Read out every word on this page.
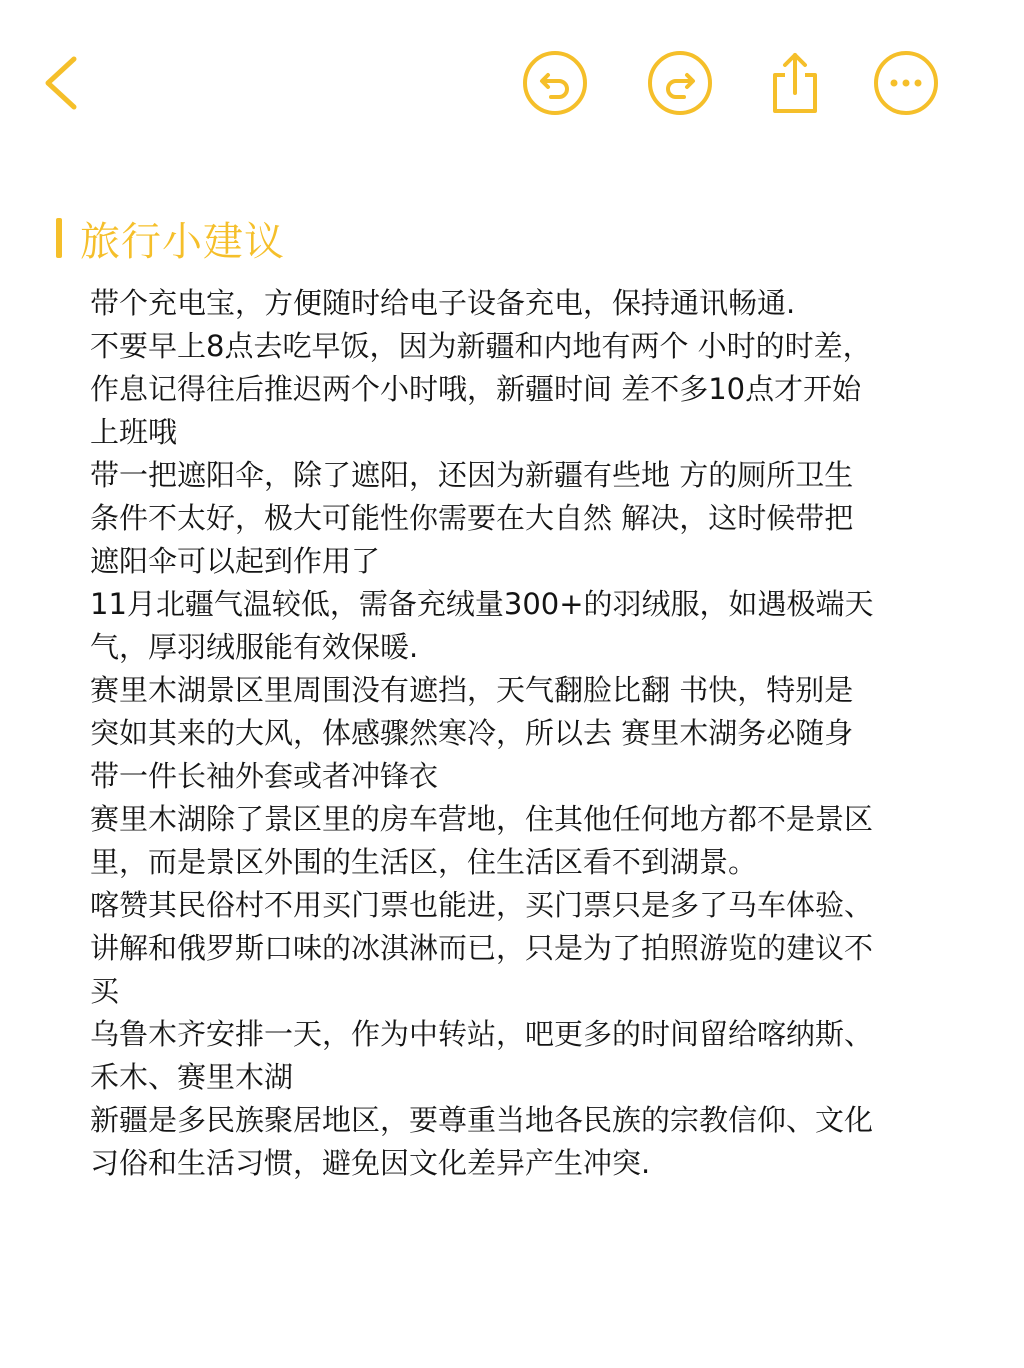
旅行小建议

带个充电宝，方便随时给电子设备充电，保持通讯畅通.

不要早上8点去吃早饭，因为新疆和内地有两个 小时的时差，作息记得往后推迟两个小时哦，新疆时间 差不多10点才开始上班哦

带一把遮阳伞，除了遮阳，还因为新疆有些地 方的厕所卫生条件不太好，极大可能性你需要在大自然 解决，这时候带把遮阳伞可以起到作用了

11月北疆气温较低，需备充绒量300+的羽绒服，如遇极端天气，厚羽绒服能有效保暖.

赛里木湖景区里周围没有遮挡，天气翻脸比翻 书快，特别是突如其来的大风，体感骤然寒冷，所以去 赛里木湖务必随身带一件长袖外套或者冲锋衣

赛里木湖除了景区里的房车营地，住其他任何地方都不是景区里，而是景区外围的生活区，住生活区看不到湖景。

喀赞其民俗村不用买门票也能进，买门票只是多了马车体验、讲解和俄罗斯口味的冰淇淋而已，只是为了拍照游览的建议不买

乌鲁木齐安排一天，作为中转站，吧更多的时间留给喀纳斯、禾木、赛里木湖

新疆是多民族聚居地区，要尊重当地各民族的宗教信仰、文化习俗和生活习惯，避免因文化差异产生冲突.
